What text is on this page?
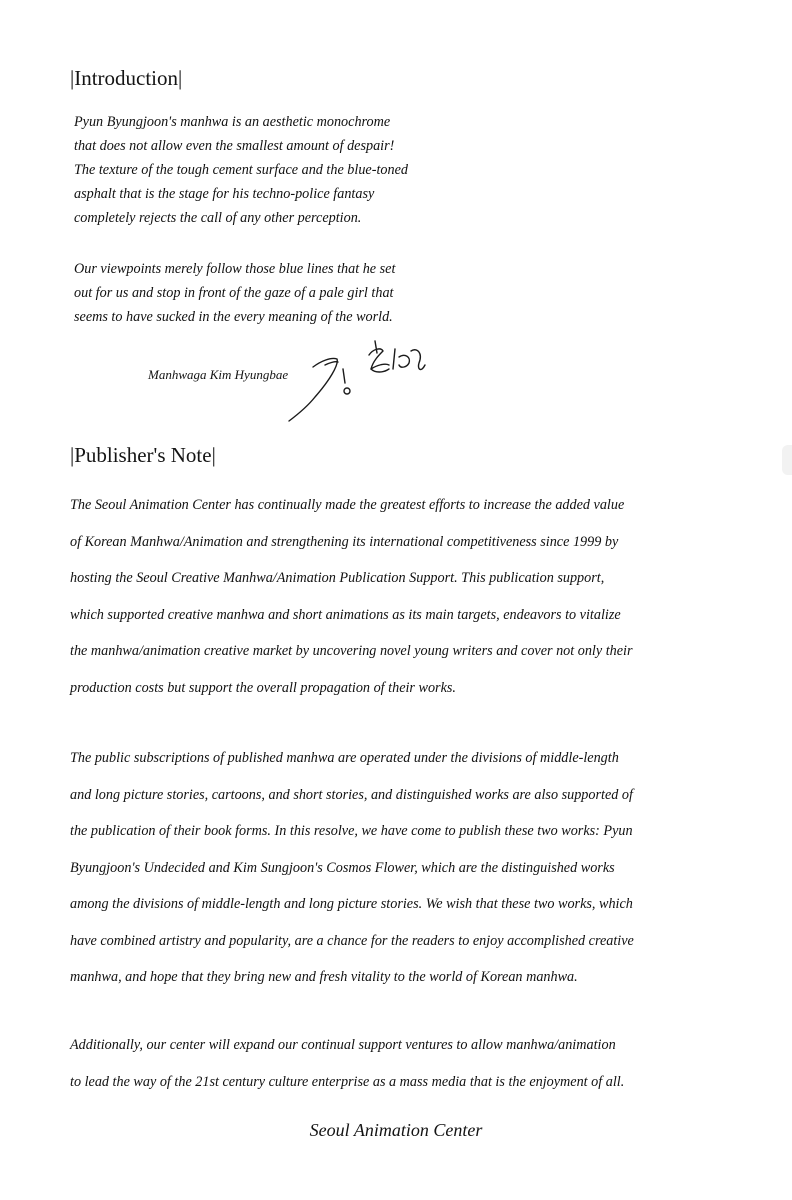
|Introduction|

Pyun Byungjoon's manhwa is an aesthetic monochrome
that does not allow even the smallest amount of despair!
The texture of the tough cement surface and the blue-toned
asphalt that is the stage for his techno-police fantasy
completely rejects the call of any other perception.

Our viewpoints merely follow those blue lines that he set
out for us and stop in front of the gaze of a pale girl that
seems to have sucked in the every meaning of the world.

Manhwaga Kim Hyungbae
|Publisher's Note|

The Seoul Animation Center has continually made the greatest efforts to increase the added value
of Korean Manhwa/Animation and strengthening its international competitiveness since 1999 by
hosting the Seoul Creative Manhwa/Animation Publication Support. This publication support,
which supported creative manhwa and short animations as its main targets, endeavors to vitalize
the manhwa/animation creative market by uncovering novel young writers and cover not only their
production costs but support the overall propagation of their works.

The public subscriptions of published manhwa are operated under the divisions of middle-length
and long picture stories, cartoons, and short stories, and distinguished works are also supported of
the publication of their book forms. In this resolve, we have come to publish these two works: Pyun
Byungjoon's Undecided and Kim Sungjoon's Cosmos Flower, which are the distinguished works
among the divisions of middle-length and long picture stories. We wish that these two works, which
have combined artistry and popularity, are a chance for the readers to enjoy accomplished creative
manhwa, and hope that they bring new and fresh vitality to the world of Korean manhwa.

Additionally, our center will expand our continual support ventures to allow manhwa/animation
to lead the way of the 21st century culture enterprise as a mass media that is the enjoyment of all.

Seoul Animation Center
